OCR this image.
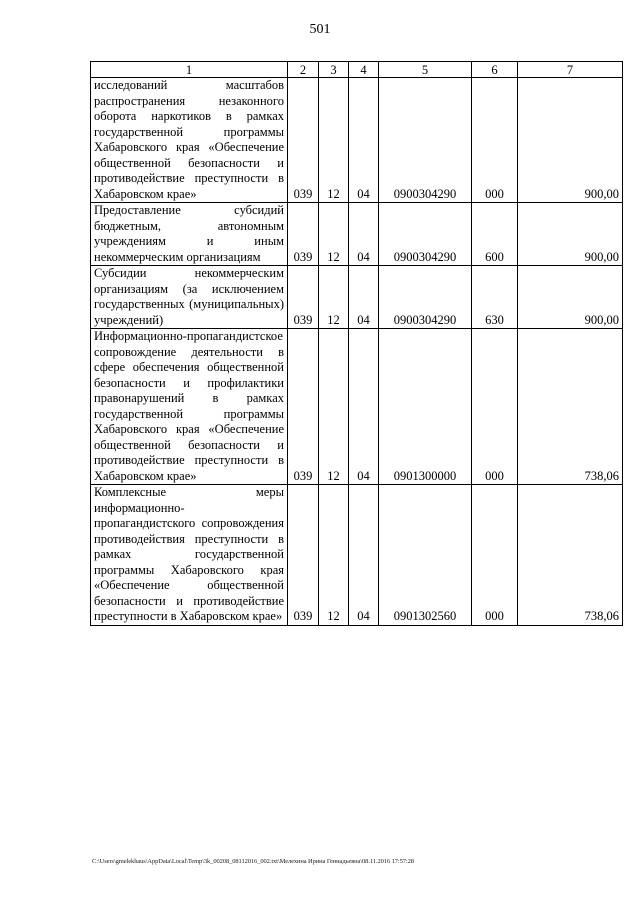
501
1	2	3	4	5	6	7
исследований масштабов распространения незаконного оборота наркотиков в рамках государственной программы Хабаровского края «Обеспечение общественной безопасности и противодействие преступности в Хабаровском крае»	039	12	04	0900304290	000	900,00
Предоставление субсидий бюджетным, автономным учреждениям и иным некоммерческим организациям	039	12	04	0900304290	600	900,00
Субсидии некоммерческим организациям (за исключением государственных (муниципальных) учреждений)	039	12	04	0900304290	630	900,00
Информационно-пропагандистское сопровождение деятельности в сфере обеспечения общественной безопасности и профилактики правонарушений в рамках государственной программы Хабаровского края «Обеспечение общественной безопасности и противодействие преступности в Хабаровском крае»	039	12	04	0901300000	000	738,06
Комплексные меры информационно-пропагандистского сопровождения противодействия преступности в рамках государственной программы Хабаровского края «Обеспечение общественной безопасности и противодействие преступности в Хабаровском крае»	039	12	04	0901302560	000	738,06
C:\Users\gmelekhaus\AppData\Local\Temp\3k_00208_08112016_002.txt\Мелехина Ирина Геннадьевна\08.11.2016 17:57:28
